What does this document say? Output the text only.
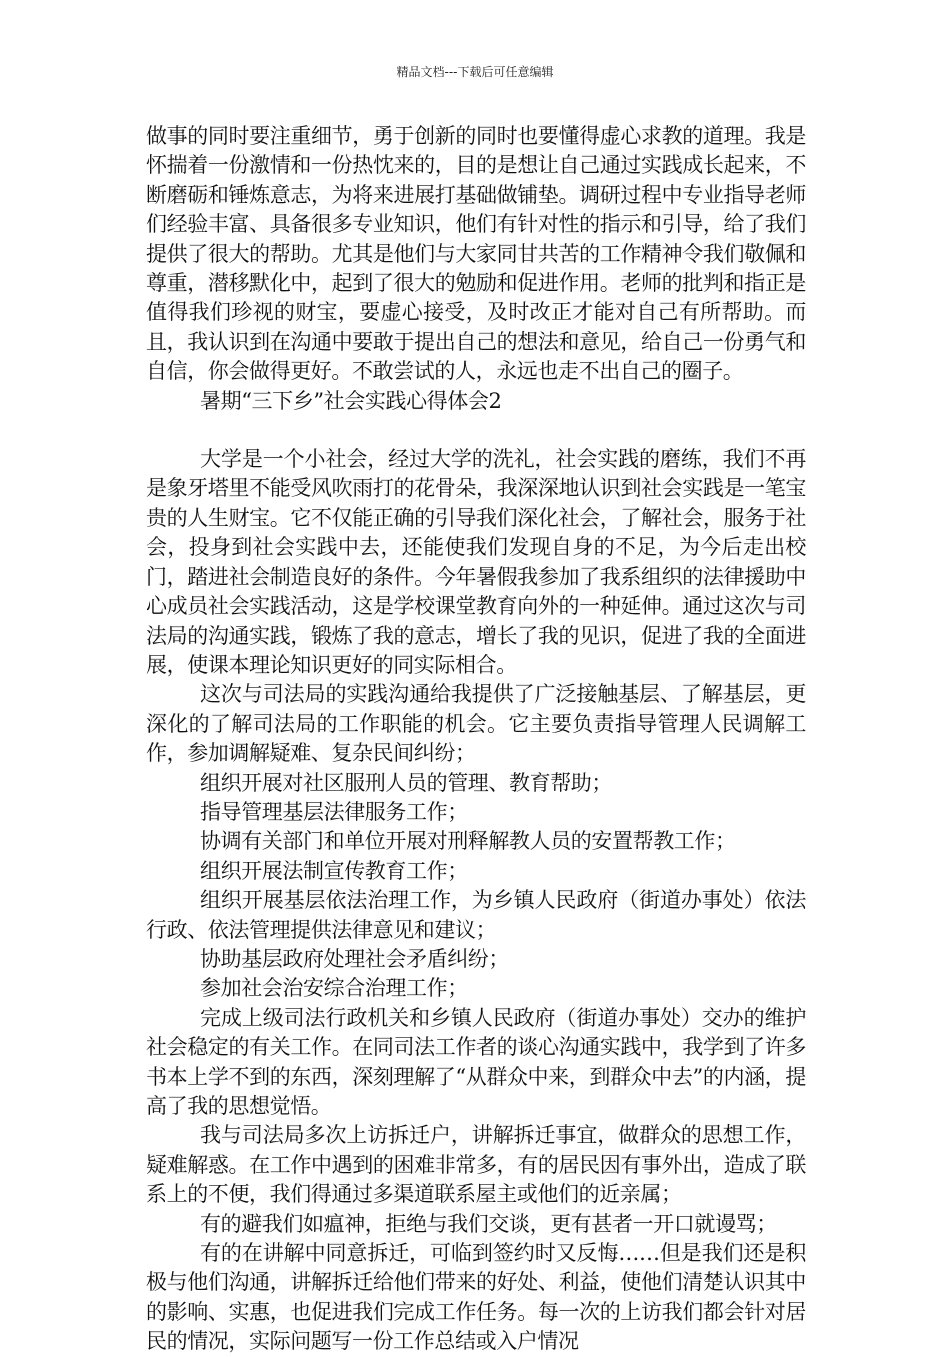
精品文档---下载后可任意编辑

做事的同时要注重细节，勇于创新的同时也要懂得虚心求教的道理。我是怀揣着一份激情和一份热忱来的，目的是想让自己通过实践成长起来，不断磨砺和锤炼意志，为将来进展打基础做铺垫。调研过程中专业指导老师们经验丰富、具备很多专业知识，他们有针对性的指示和引导，给了我们提供了很大的帮助。尤其是他们与大家同甘共苦的工作精神令我们敬佩和尊重，潜移默化中，起到了很大的勉励和促进作用。老师的批判和指正是值得我们珍视的财宝，要虚心接受，及时改正才能对自己有所帮助。而且，我认识到在沟通中要敢于提出自己的想法和意见，给自己一份勇气和自信，你会做得更好。不敢尝试的人，永远也走不出自己的圈子。

暑期“三下乡”社会实践心得体会2

大学是一个小社会，经过大学的洗礼，社会实践的磨练，我们不再是象牙塔里不能受风吹雨打的花骨朵，我深深地认识到社会实践是一笔宝贵的人生财宝。它不仅能正确的引导我们深化社会，了解社会，服务于社会，投身到社会实践中去，还能使我们发现自身的不足，为今后走出校门，踏进社会制造良好的条件。今年暑假我参加了我系组织的法律援助中心成员社会实践活动，这是学校课堂教育向外的一种延伸。通过这次与司法局的沟通实践，锻炼了我的意志，增长了我的见识，促进了我的全面进展，使课本理论知识更好的同实际相合。

这次与司法局的实践沟通给我提供了广泛接触基层、了解基层，更深化的了解司法局的工作职能的机会。它主要负责指导管理人民调解工作，参加调解疑难、复杂民间纠纷；

组织开展对社区服刑人员的管理、教育帮助；

指导管理基层法律服务工作；

协调有关部门和单位开展对刑释解教人员的安置帮教工作；

组织开展法制宣传教育工作；

组织开展基层依法治理工作，为乡镇人民政府（街道办事处）依法行政、依法管理提供法律意见和建议；

协助基层政府处理社会矛盾纠纷；

参加社会治安综合治理工作；

完成上级司法行政机关和乡镇人民政府（街道办事处）交办的维护社会稳定的有关工作。在同司法工作者的谈心沟通实践中，我学到了许多书本上学不到的东西，深刻理解了“从群众中来，到群众中去”的内涵，提高了我的思想觉悟。

我与司法局多次上访拆迁户，讲解拆迁事宜，做群众的思想工作，疑难解惑。在工作中遇到的困难非常多，有的居民因有事外出，造成了联系上的不便，我们得通过多渠道联系屋主或他们的近亲属；

有的避我们如瘟神，拒绝与我们交谈，更有甚者一开口就谩骂；

有的在讲解中同意拆迁，可临到签约时又反悔……但是我们还是积极与他们沟通，讲解拆迁给他们带来的好处、利益，使他们清楚认识其中的影响、实惠，也促进我们完成工作任务。每一次的上访我们都会针对居民的情况，实际问题写一份工作总结或入户情况
